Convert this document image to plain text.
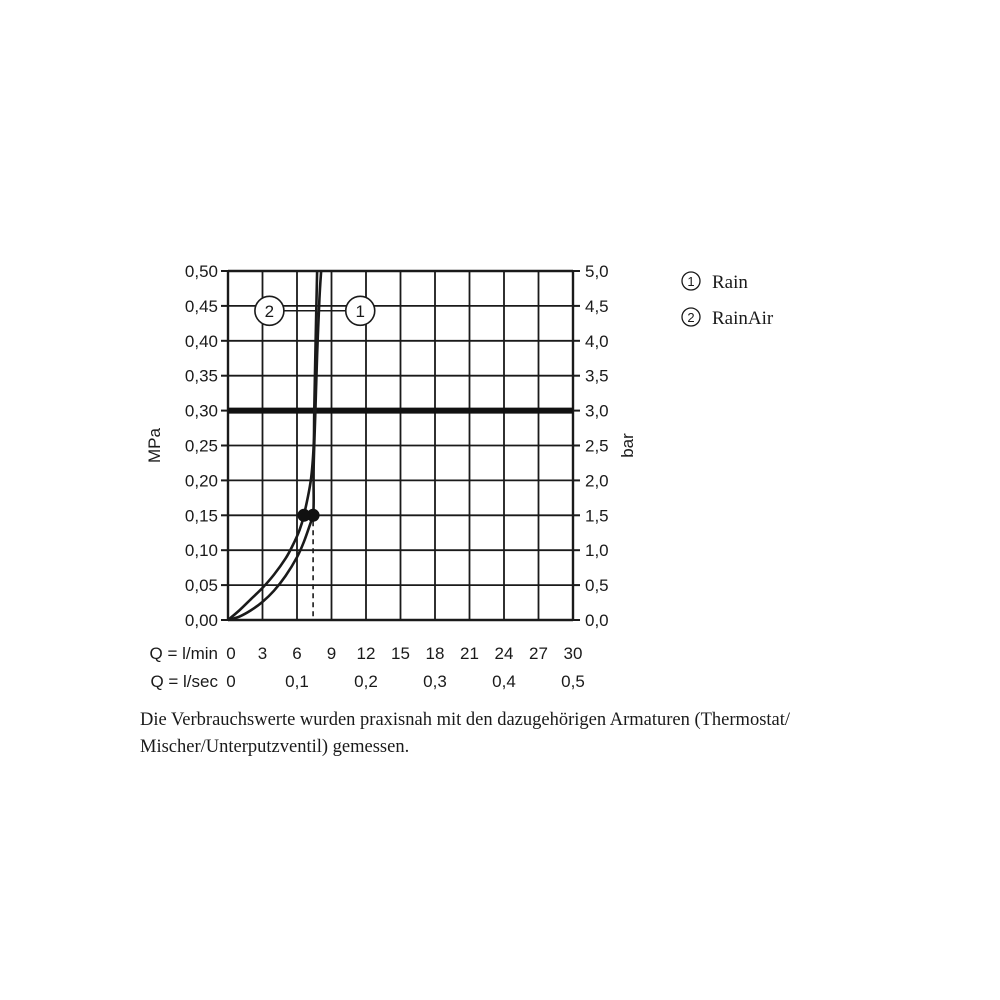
2	1
0,00
0,05
0,10
0,15
0,20
0,25
0,30
0,35
0,40
0,45
0,50
0,0
0,5
1,0
1,5
2,0
2,5
3,0
3,5
4,0
4,5
5,0
Q = l/min 0 3 6 9 12 15 18 21 24 27 30
Q = l/sec 0	0,1	0,2	0,3	0,4	0,5
MPa	bar
1 Rain
2 RainAir
Die Verbrauchswerte wurden praxisnah mit den dazugehörigen Armaturen (Thermostat/ Mischer/Unterputzventil) gemessen.
